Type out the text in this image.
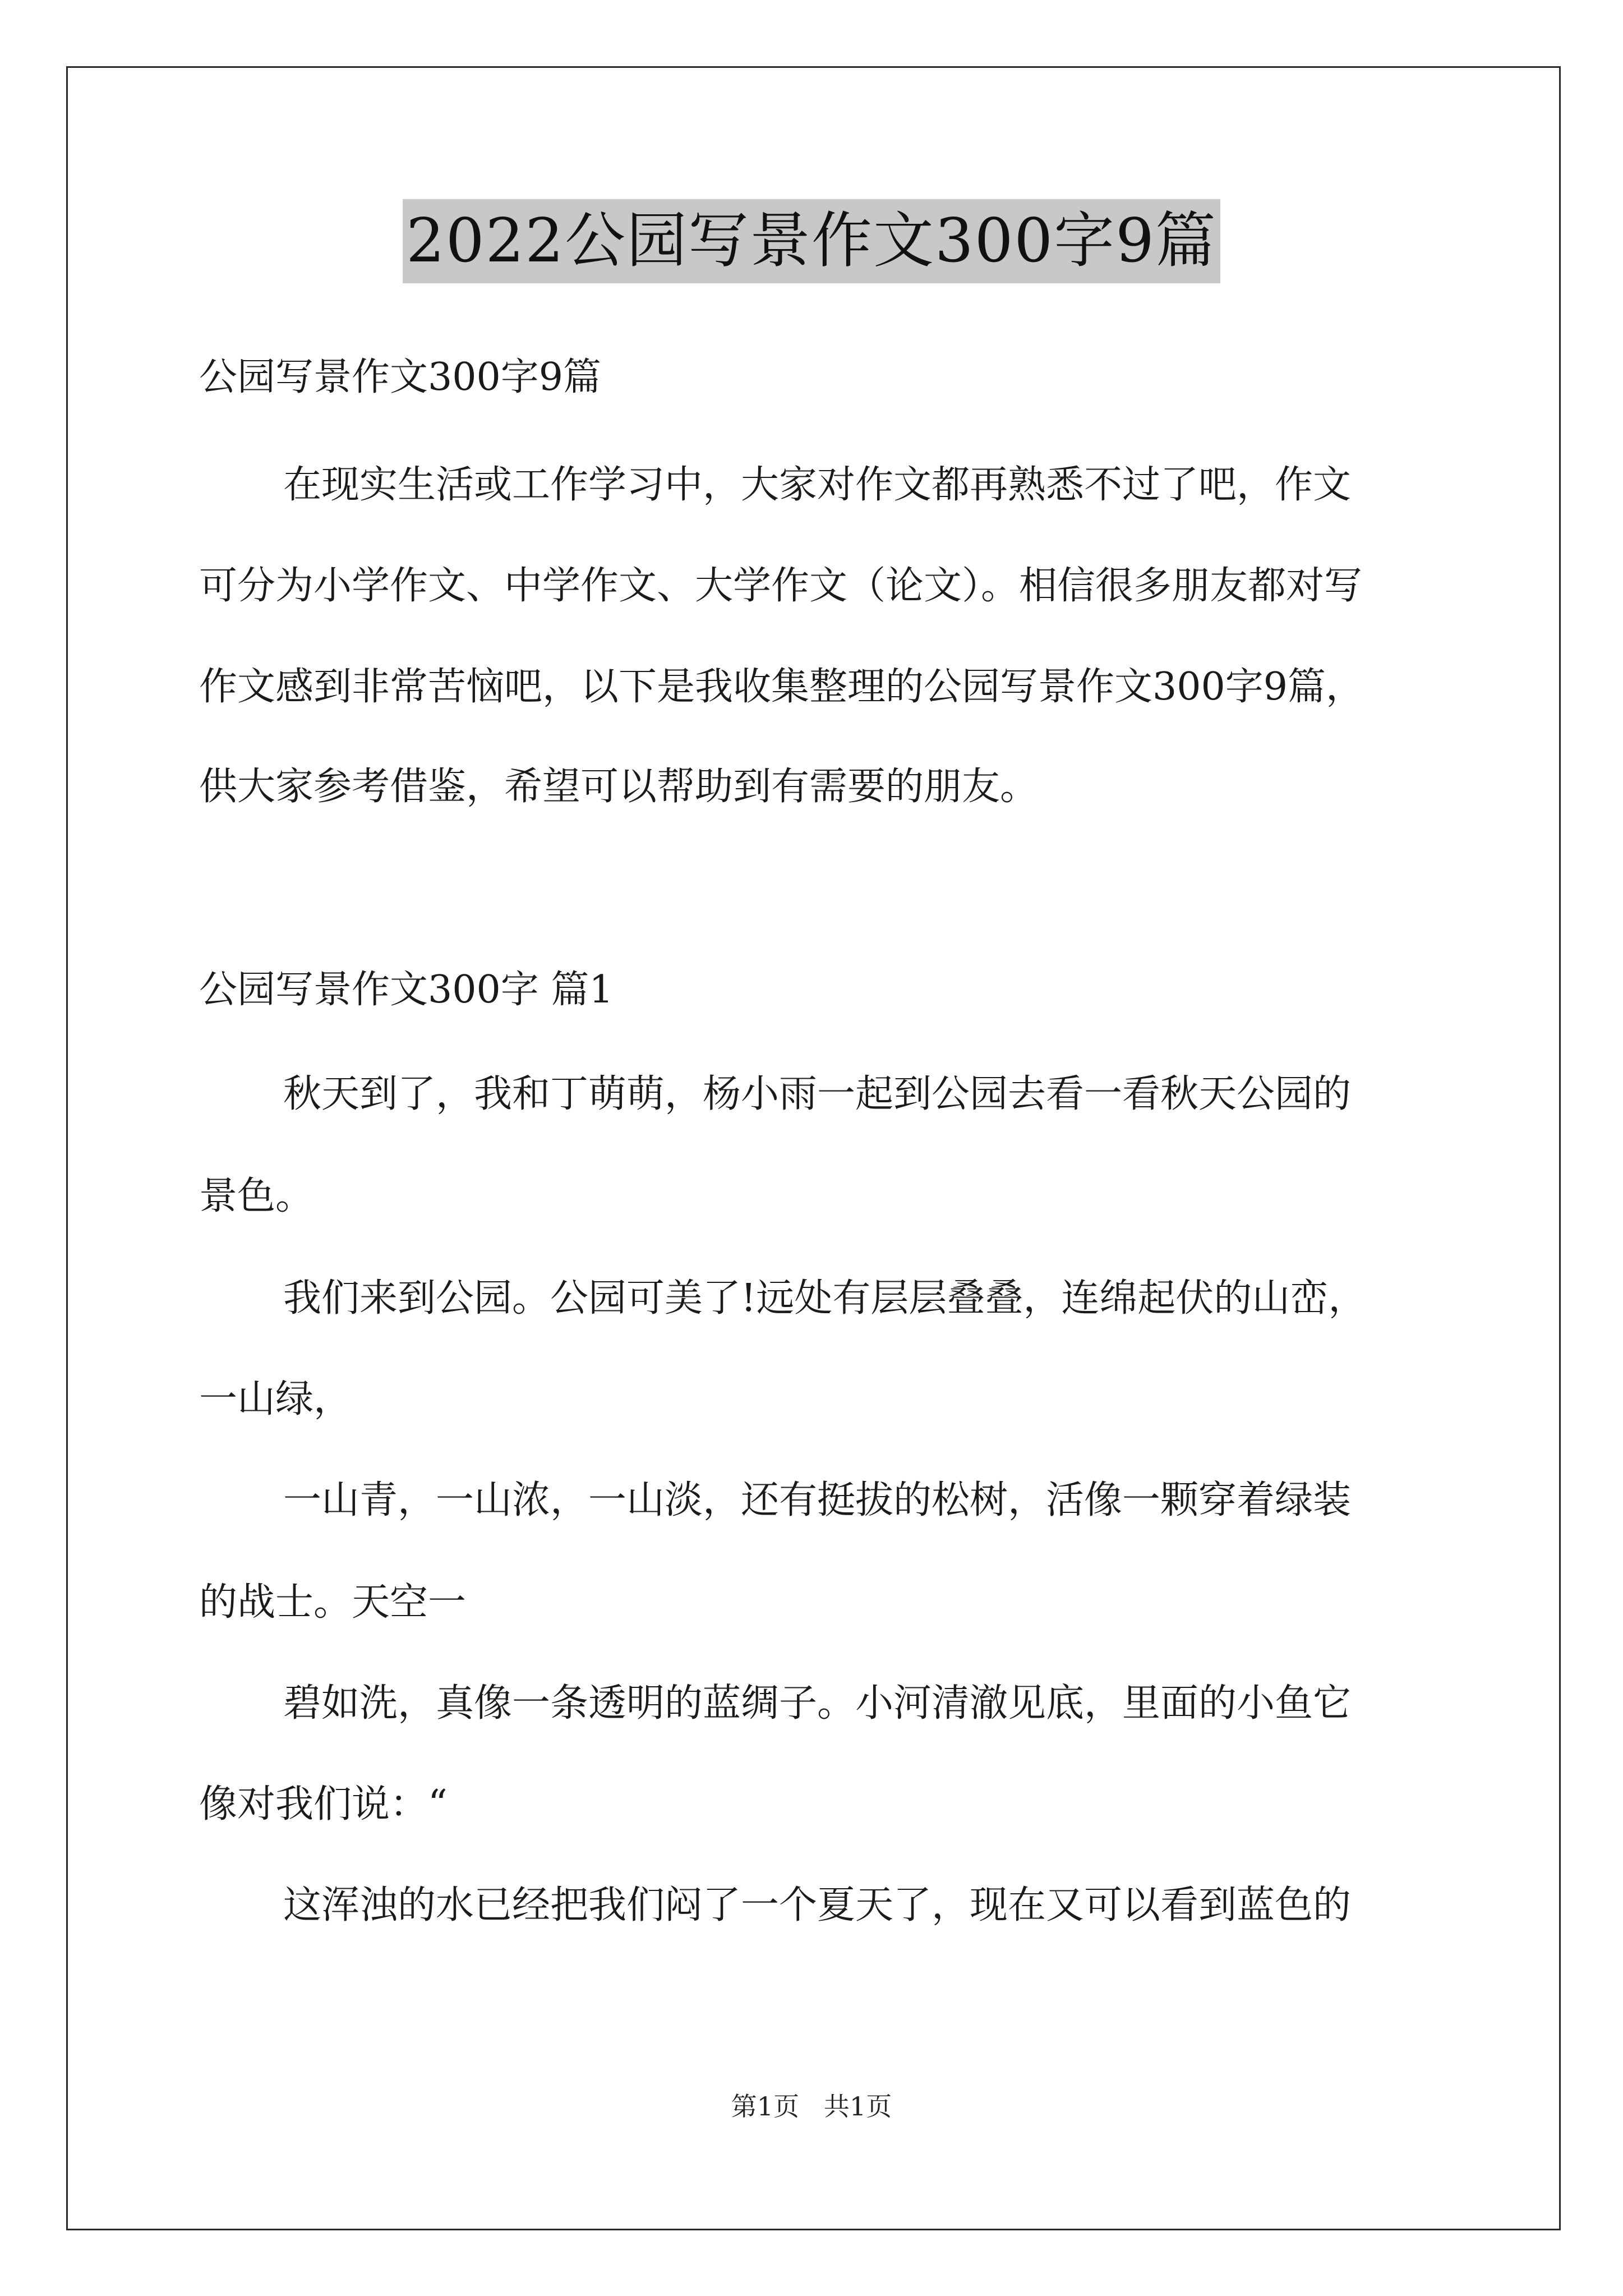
2022公园写景作文300字9篇
公园写景作文300字9篇
在现实生活或工作学习中，大家对作文都再熟悉不过了吧，作文
可分为小学作文、中学作文、大学作文（论文）。相信很多朋友都对写
作文感到非常苦恼吧，以下是我收集整理的公园写景作文300字9篇，
供大家参考借鉴，希望可以帮助到有需要的朋友。
公园写景作文300字 篇1
秋天到了，我和丁萌萌，杨小雨一起到公园去看一看秋天公园的
景色。
我们来到公园。公园可美了!远处有层层叠叠，连绵起伏的山峦，
一山绿，
一山青，一山浓，一山淡，还有挺拔的松树，活像一颗穿着绿装
的战士。天空一
碧如洗，真像一条透明的蓝绸子。小河清澈见底，里面的小鱼它
像对我们说：“
这浑浊的水已经把我们闷了一个夏天了，现在又可以看到蓝色的
第1页   共1页
